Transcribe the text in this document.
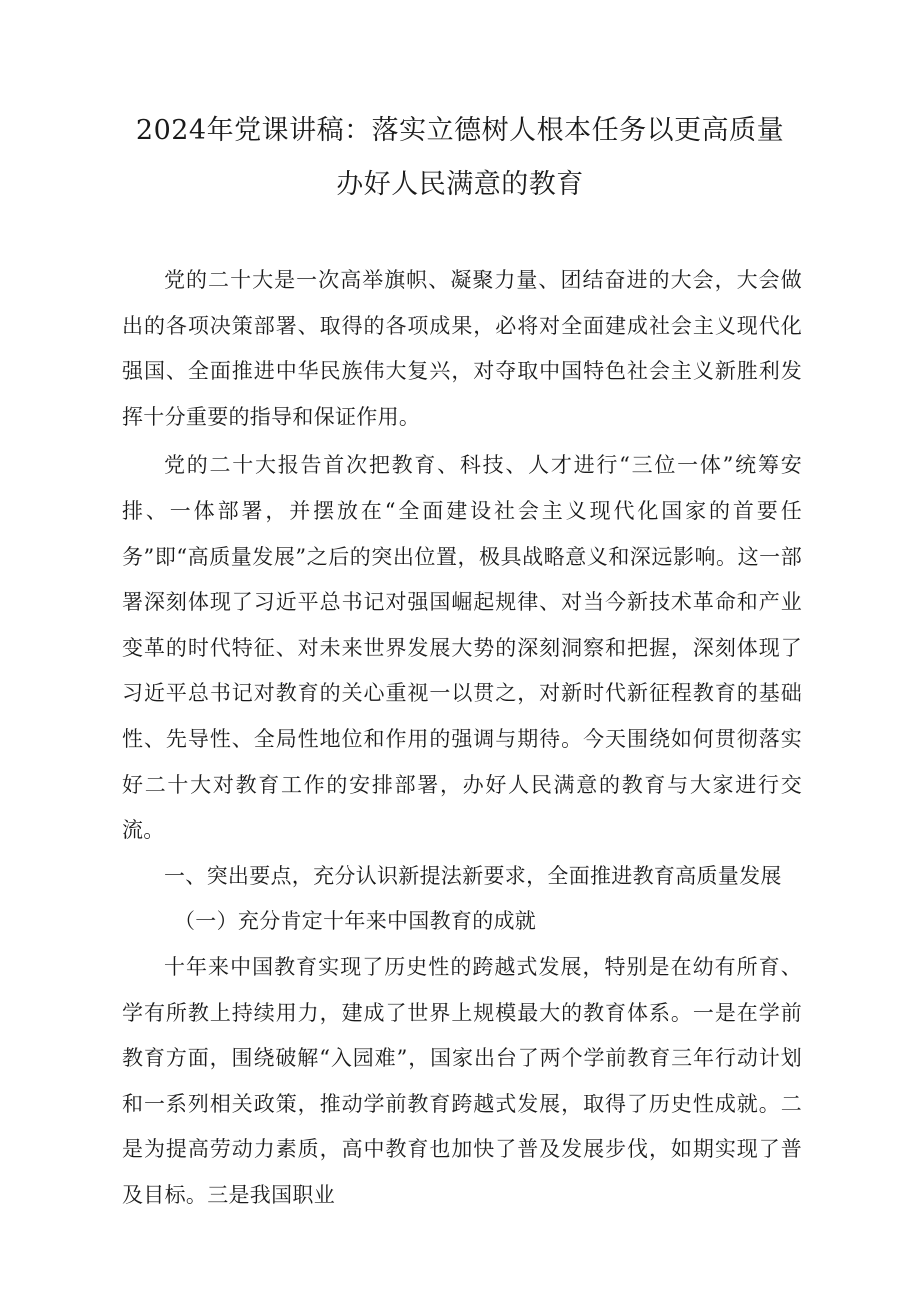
2024年党课讲稿：落实立德树人根本任务以更高质量
办好人民满意的教育

党的二十大是一次高举旗帜、凝聚力量、团结奋进的大会，大会做出的各项决策部署、取得的各项成果，必将对全面建成社会主义现代化强国、全面推进中华民族伟大复兴，对夺取中国特色社会主义新胜利发挥十分重要的指导和保证作用。

党的二十大报告首次把教育、科技、人才进行“三位一体”统筹安排、一体部署，并摆放在“全面建设社会主义现代化国家的首要任务”即“高质量发展”之后的突出位置，极具战略意义和深远影响。这一部署深刻体现了习近平总书记对强国崛起规律、对当今新技术革命和产业变革的时代特征、对未来世界发展大势的深刻洞察和把握，深刻体现了习近平总书记对教育的关心重视一以贯之，对新时代新征程教育的基础性、先导性、全局性地位和作用的强调与期待。今天围绕如何贯彻落实好二十大对教育工作的安排部署，办好人民满意的教育与大家进行交流。

一、突出要点，充分认识新提法新要求，全面推进教育高质量发展

（一）充分肯定十年来中国教育的成就

十年来中国教育实现了历史性的跨越式发展，特别是在幼有所育、学有所教上持续用力，建成了世界上规模最大的教育体系。一是在学前教育方面，围绕破解“入园难”，国家出台了两个学前教育三年行动计划和一系列相关政策，推动学前教育跨越式发展，取得了历史性成就。二是为提高劳动力素质，高中教育也加快了普及发展步伐，如期实现了普及目标。三是我国职业
